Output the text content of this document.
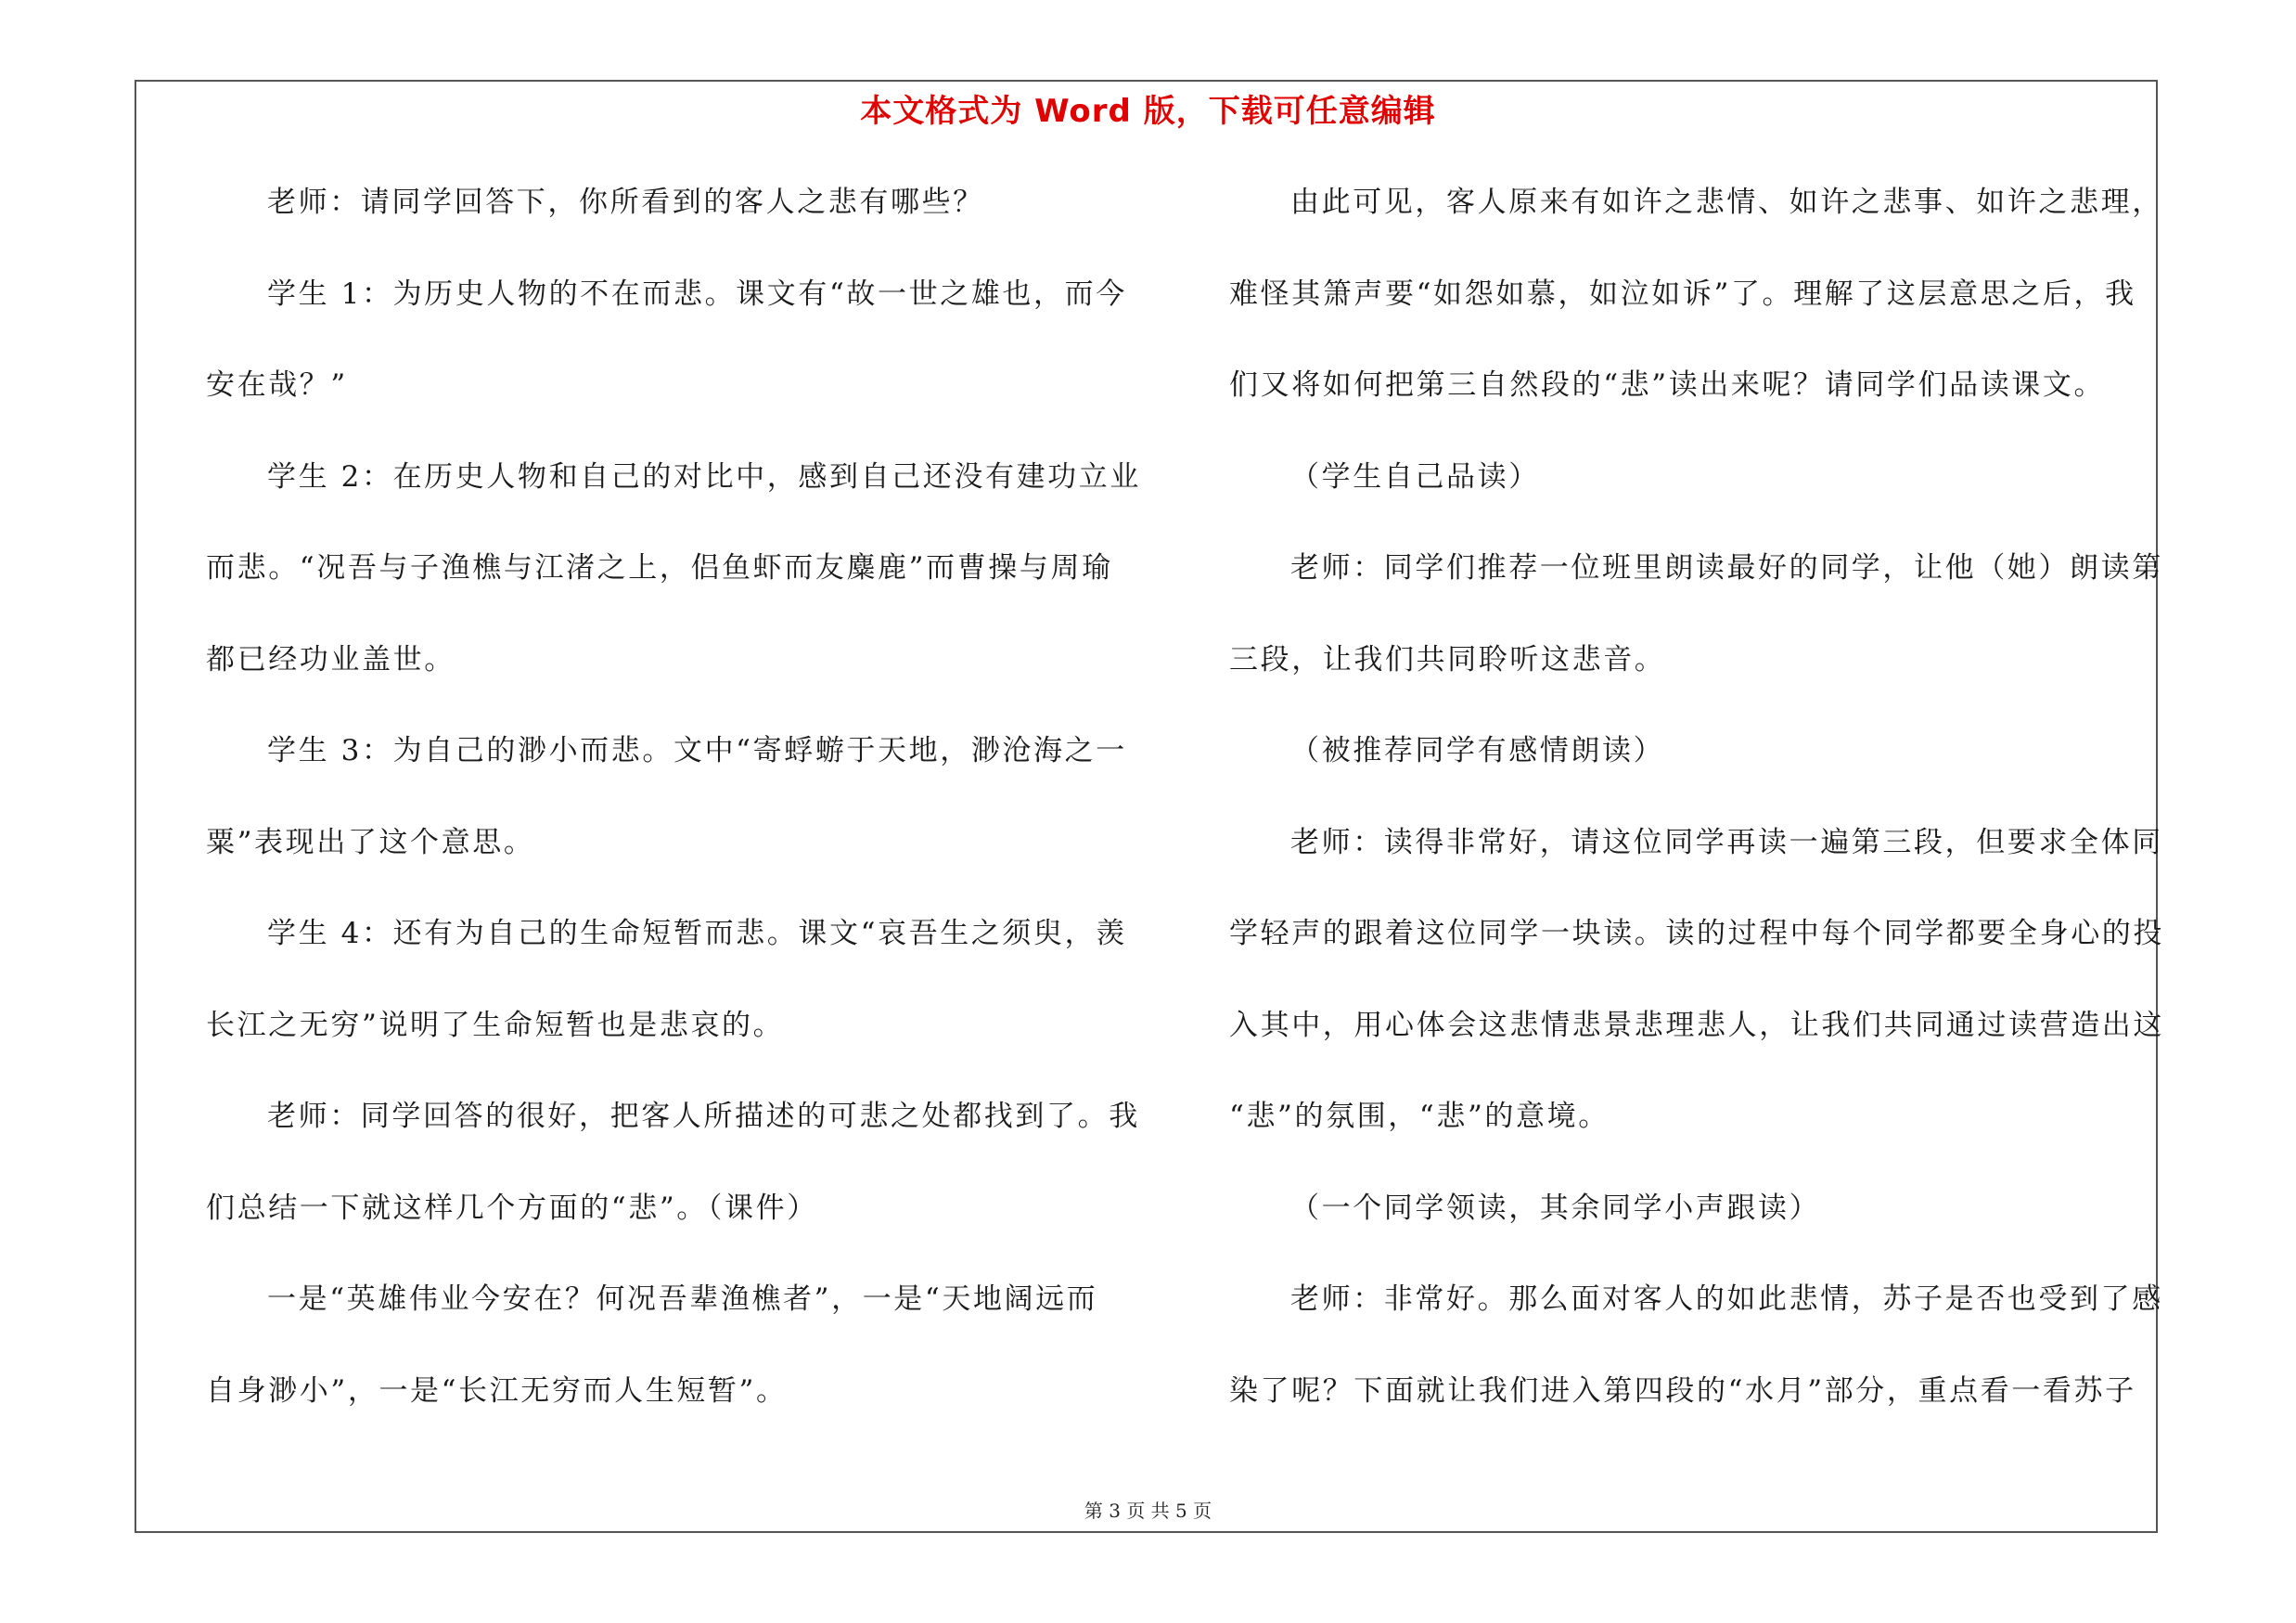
本文格式为 Word 版，下载可任意编辑
老师：请同学回答下，你所看到的客人之悲有哪些？
学生 1：为历史人物的不在而悲。课文有“故一世之雄也，而今
安在哉？”
学生 2：在历史人物和自己的对比中，感到自己还没有建功立业
而悲。“况吾与子渔樵与江渚之上，侣鱼虾而友麋鹿”而曹操与周瑜
都已经功业盖世。
学生 3：为自己的渺小而悲。文中“寄蜉蝣于天地，渺沧海之一
粟”表现出了这个意思。
学生 4：还有为自己的生命短暂而悲。课文“哀吾生之须臾，羡
长江之无穷”说明了生命短暂也是悲哀的。
老师：同学回答的很好，把客人所描述的可悲之处都找到了。我
们总结一下就这样几个方面的“悲”。（课件）
一是“英雄伟业今安在？何况吾辈渔樵者”，一是“天地阔远而
自身渺小”，一是“长江无穷而人生短暂”。
由此可见，客人原来有如许之悲情、如许之悲事、如许之悲理，
难怪其箫声要“如怨如慕，如泣如诉”了。理解了这层意思之后，我
们又将如何把第三自然段的“悲”读出来呢？请同学们品读课文。
（学生自己品读）
老师：同学们推荐一位班里朗读最好的同学，让他（她）朗读第
三段，让我们共同聆听这悲音。
（被推荐同学有感情朗读）
老师：读得非常好，请这位同学再读一遍第三段，但要求全体同
学轻声的跟着这位同学一块读。读的过程中每个同学都要全身心的投
入其中，用心体会这悲情悲景悲理悲人，让我们共同通过读营造出这
“悲”的氛围，“悲”的意境。
（一个同学领读，其余同学小声跟读）
老师：非常好。那么面对客人的如此悲情，苏子是否也受到了感
染了呢？下面就让我们进入第四段的“水月”部分，重点看一看苏子
第 3 页 共 5 页
